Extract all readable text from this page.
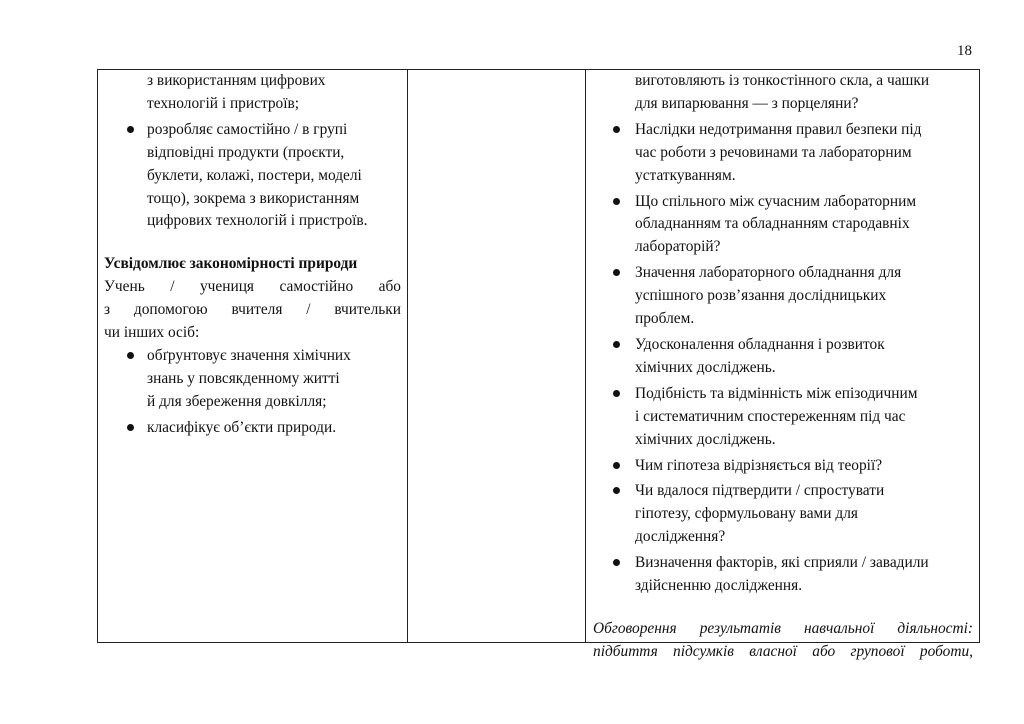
18
з використанням цифрових
технологій і пристроїв;
розробляє самостійно / в групі
відповідні продукти (проєкти,
буклети, колажі, постери, моделі
тощо), зокрема з використанням
цифрових технологій і пристроїв.
Усвідомлює закономірності природи
Учень / учениця самостійно або
з допомогою вчителя / вчительки
чи інших осіб:
обґрунтовує значення хімічних
знань у повсякденному житті
й для збереження довкілля;
класифікує об’єкти природи.
виготовляють із тонкостінного скла, а чашки
для випарювання — з порцеляни?
Наслідки недотримання правил безпеки під
час роботи з речовинами та лабораторним
устаткуванням.
Що спільного між сучасним лабораторним
обладнанням та обладнанням стародавніх
лабораторій?
Значення лабораторного обладнання для
успішного розв’язання дослідницьких
проблем.
Удосконалення обладнання і розвиток
хімічних досліджень.
Подібність та відмінність між епізодичним
і систематичним спостереженням під час
хімічних досліджень.
Чим гіпотеза відрізняється від теорії?
Чи вдалося підтвердити / спростувати
гіпотезу, сформульовану вами для
дослідження?
Визначення факторів, які сприяли / завадили
здійсненню дослідження.
Обговорення результатів навчальної діяльності:
підбиття підсумків власної або групової роботи,
